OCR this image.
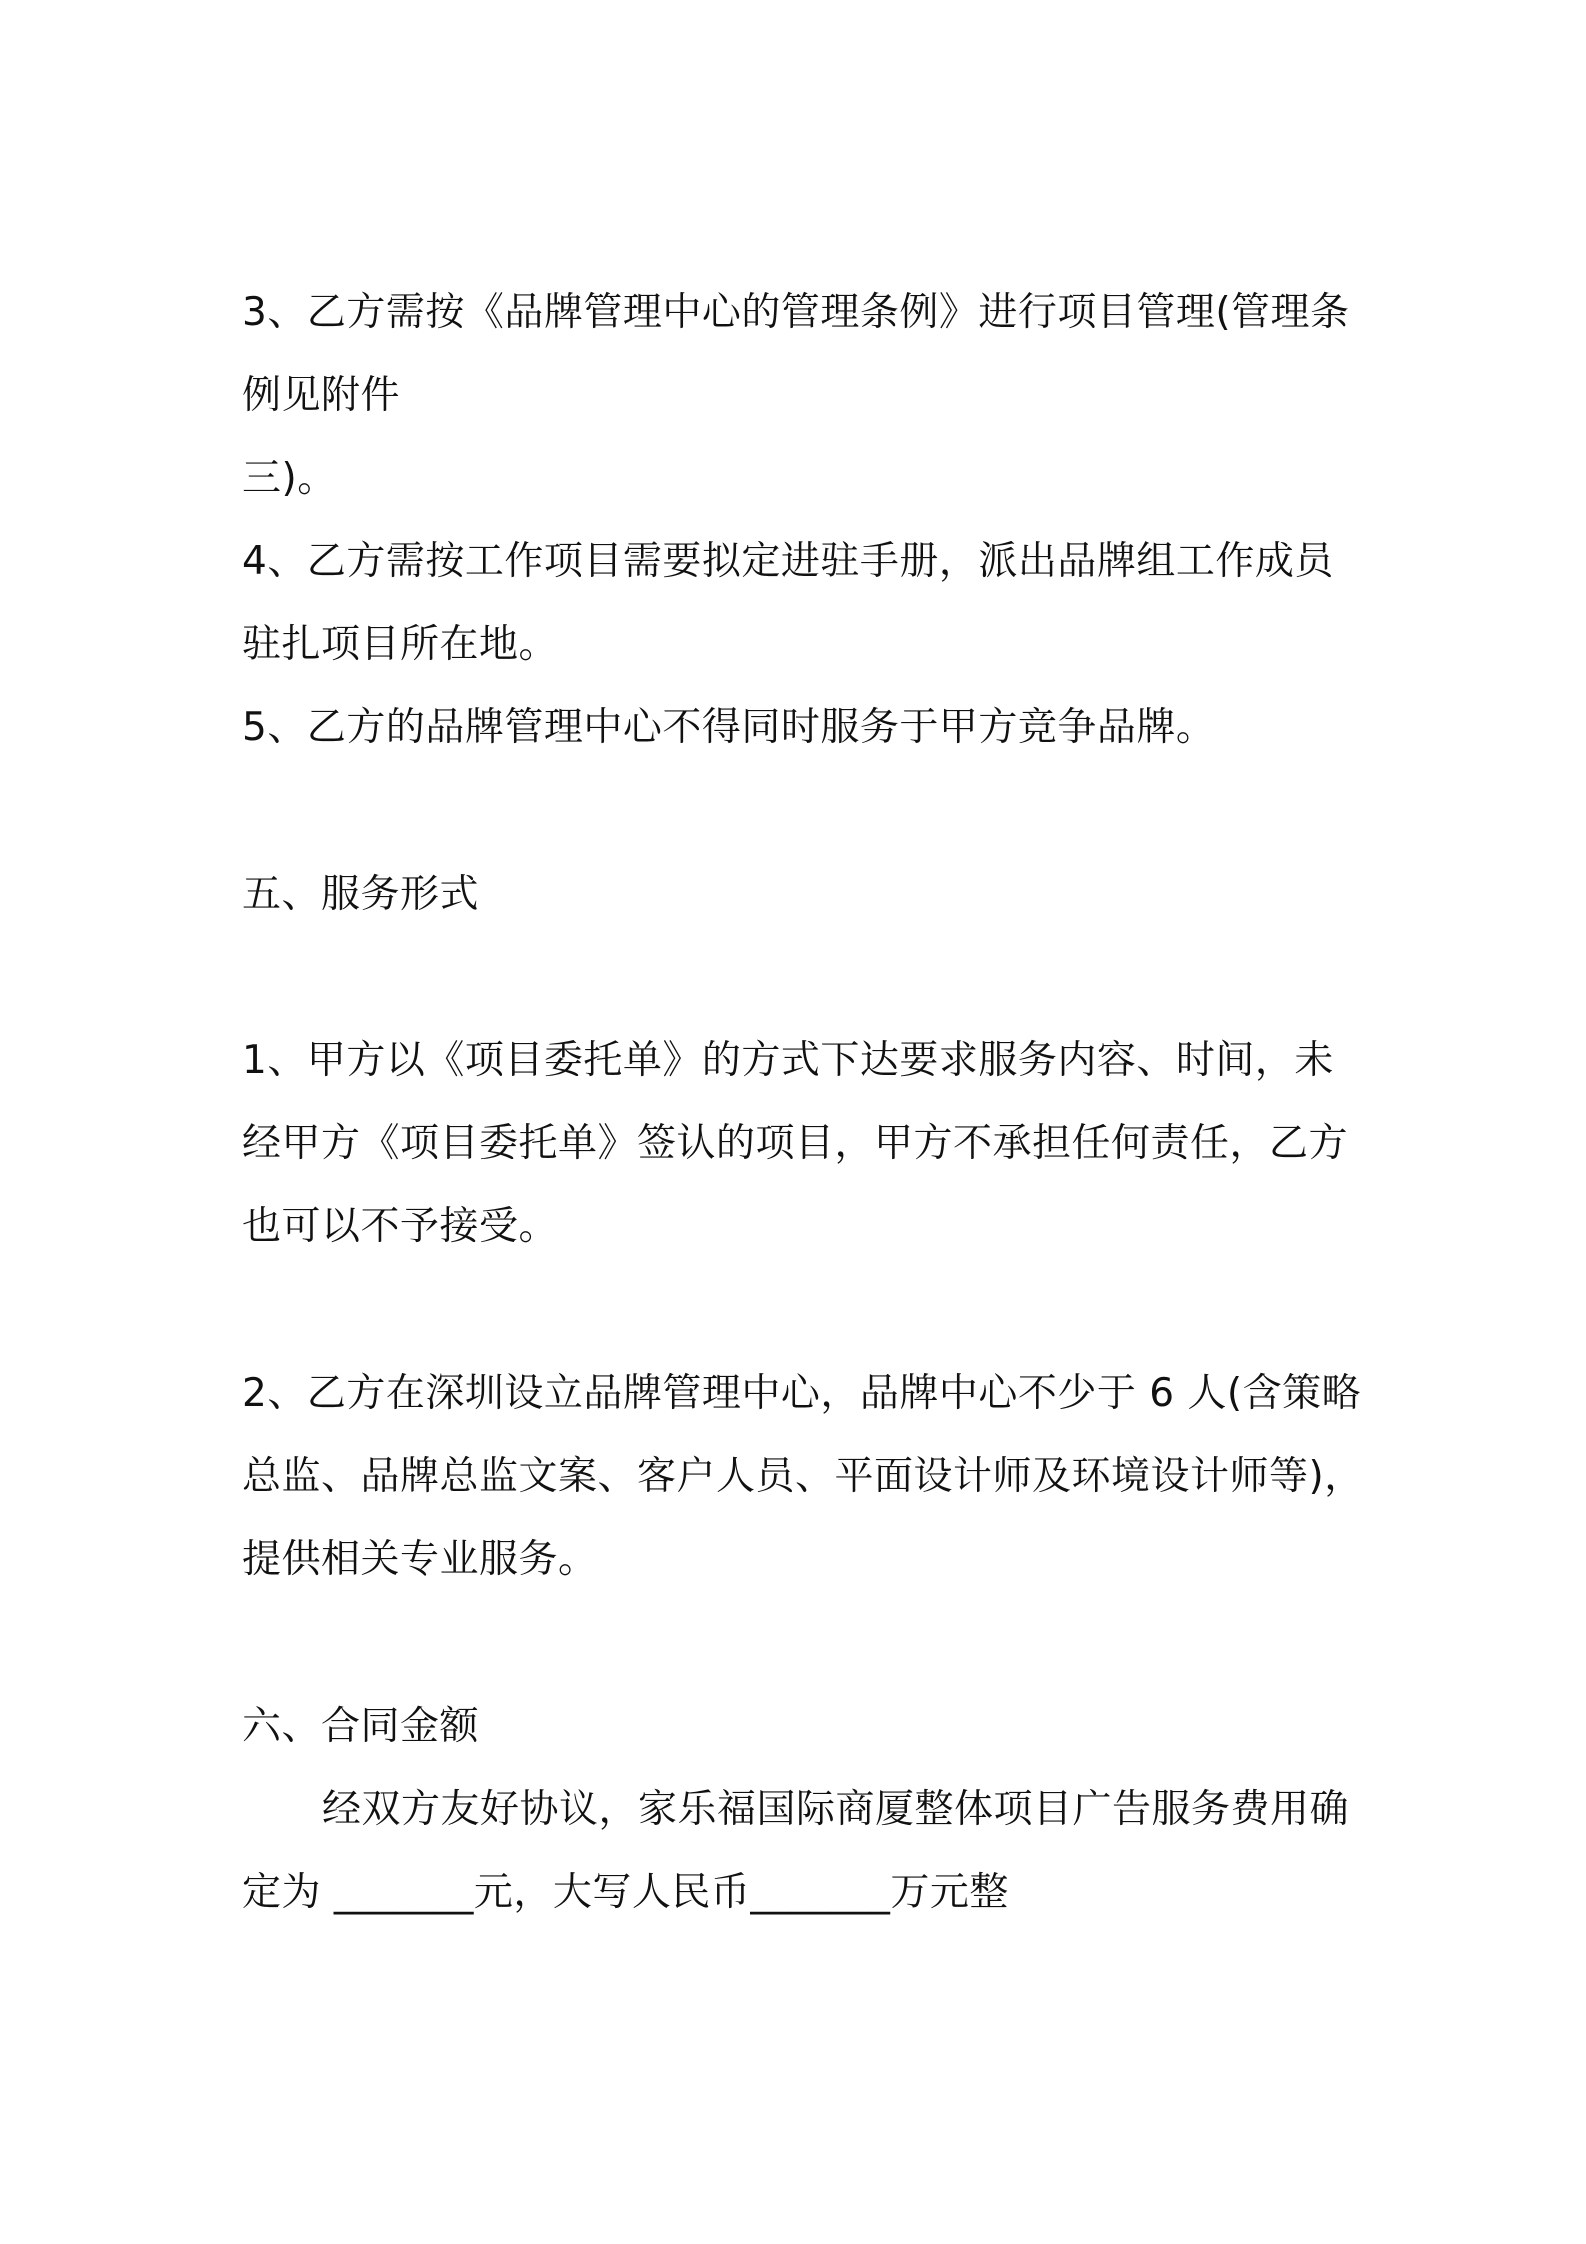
3、乙方需按《品牌管理中心的管理条例》进行项目管理(管理条
例见附件
三)。
4、乙方需按工作项目需要拟定进驻手册，派出品牌组工作成员
驻扎项目所在地。
5、乙方的品牌管理中心不得同时服务于甲方竞争品牌。
五、服务形式
1、甲方以《项目委托单》的方式下达要求服务内容、时间，未
经甲方《项目委托单》签认的项目，甲方不承担任何责任，乙方
也可以不予接受。
2、乙方在深圳设立品牌管理中心，品牌中心不少于 6 人(含策略
总监、品牌总监文案、客户人员、平面设计师及环境设计师等)，
提供相关专业服务。
六、合同金额
经双方友好协议，家乐福国际商厦整体项目广告服务费用确
定为 _______元，大写人民币_______万元整
